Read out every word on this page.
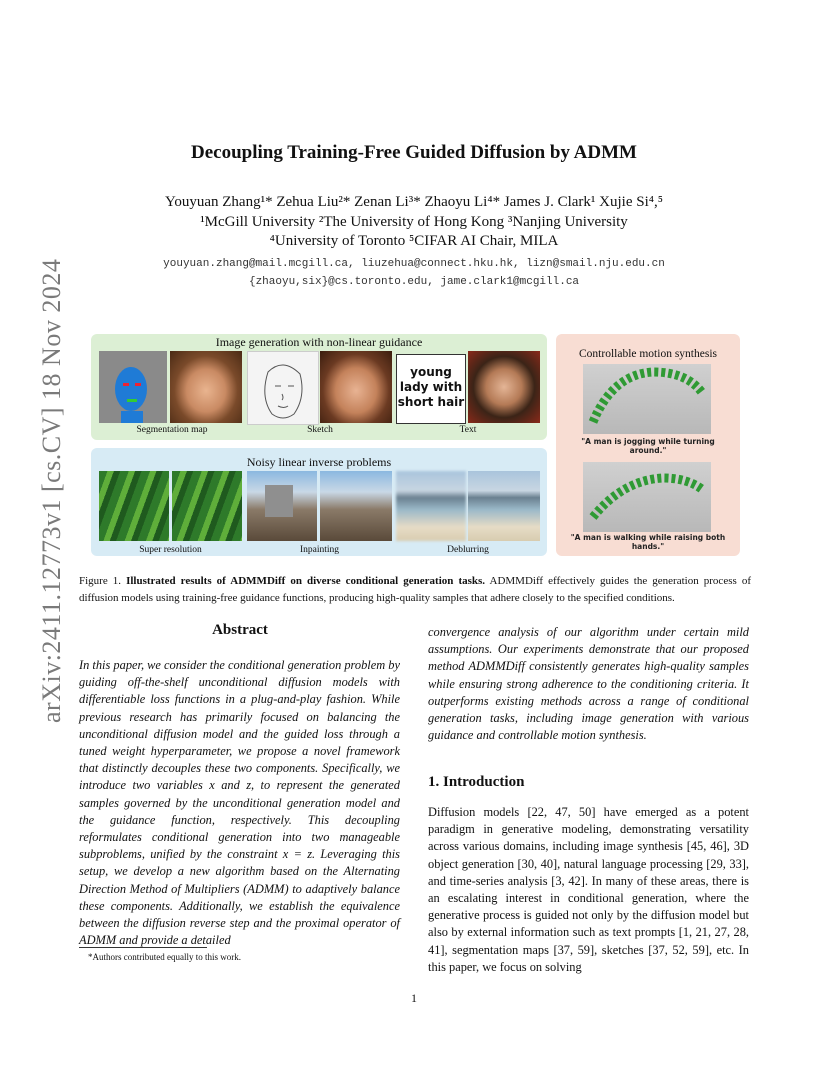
arXiv:2411.12773v1 [cs.CV] 18 Nov 2024
Decoupling Training-Free Guided Diffusion by ADMM
Youyuan Zhang¹* Zehua Liu²* Zenan Li³* Zhaoyu Li⁴* James J. Clark¹ Xujie Si⁴,⁵
¹McGill University ²The University of Hong Kong ³Nanjing University
⁴University of Toronto ⁵CIFAR AI Chair, MILA
youyuan.zhang@mail.mcgill.ca, liuzehua@connect.hku.hk, lizn@smail.nju.edu.cn
{zhaoyu,six}@cs.toronto.edu, jame.clark1@mcgill.ca
Image generation with non-linear guidance
young lady with short hair
Segmentation map	Sketch	Text
Noisy linear inverse problems
Super resolution	Inpainting	Deblurring
Controllable motion synthesis
"A man is jogging while turning around."
"A man is walking while raising both hands."
Figure 1. Illustrated results of ADMMDiff on diverse conditional generation tasks. ADMMDiff effectively guides the generation process of diffusion models using training-free guidance functions, producing high-quality samples that adhere closely to the specified conditions.
Abstract
In this paper, we consider the conditional generation problem by guiding off-the-shelf unconditional diffusion models with differentiable loss functions in a plug-and-play fashion. While previous research has primarily focused on balancing the unconditional diffusion model and the guided loss through a tuned weight hyperparameter, we propose a novel framework that distinctly decouples these two components. Specifically, we introduce two variables x and z, to represent the generated samples governed by the unconditional generation model and the guidance function, respectively. This decoupling reformulates conditional generation into two manageable subproblems, unified by the constraint x = z. Leveraging this setup, we develop a new algorithm based on the Alternating Direction Method of Multipliers (ADMM) to adaptively balance these components. Additionally, we establish the equivalence between the diffusion reverse step and the proximal operator of ADMM and provide a detailed
convergence analysis of our algorithm under certain mild assumptions. Our experiments demonstrate that our proposed method ADMMDiff consistently generates high-quality samples while ensuring strong adherence to the conditioning criteria. It outperforms existing methods across a range of conditional generation tasks, including image generation with various guidance and controllable motion synthesis.
1. Introduction
Diffusion models [22, 47, 50] have emerged as a potent paradigm in generative modeling, demonstrating versatility across various domains, including image synthesis [45, 46], 3D object generation [30, 40], natural language processing [29, 33], and time-series analysis [3, 42]. In many of these areas, there is an escalating interest in conditional generation, where the generative process is guided not only by the diffusion model but also by external information such as text prompts [1, 21, 27, 28, 41], segmentation maps [37, 59], sketches [37, 52, 59], etc. In this paper, we focus on solving
*Authors contributed equally to this work.
1
